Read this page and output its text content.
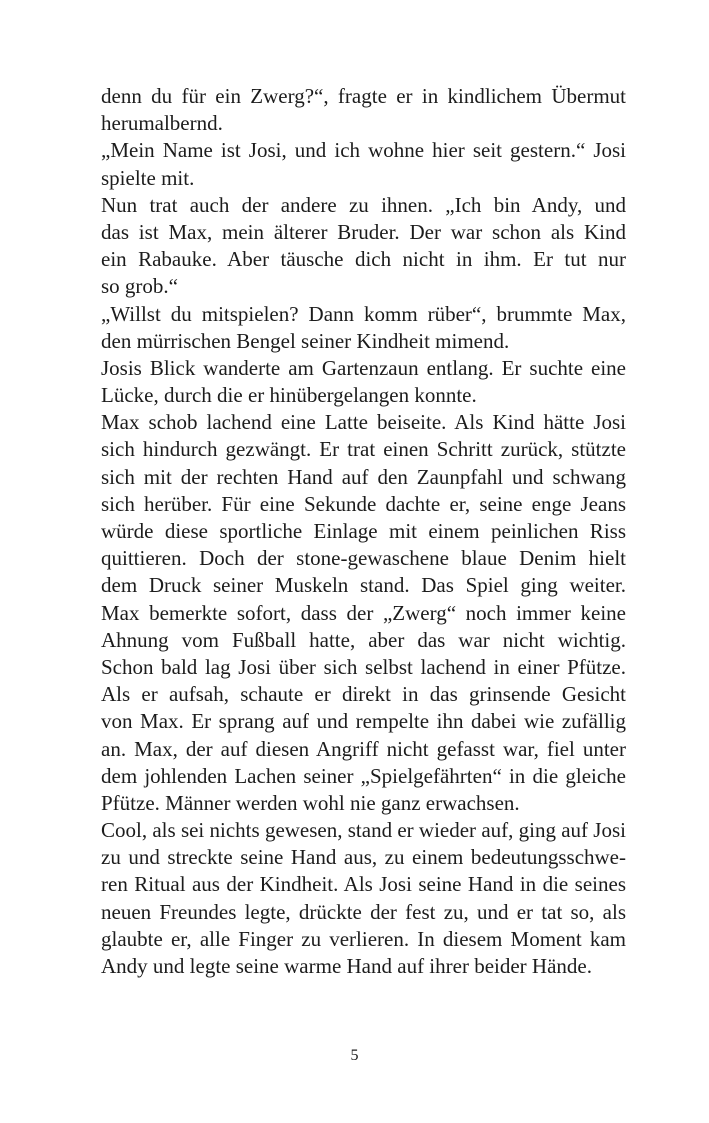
denn du für ein Zwerg?“, fragte er in kindlichem Übermut
herumalbernd.
„Mein Name ist Josi, und ich wohne hier seit gestern.“ Josi
spielte mit.
Nun trat auch der andere zu ihnen. „Ich bin Andy, und
das ist Max, mein älterer Bruder. Der war schon als Kind
ein Rabauke. Aber täusche dich nicht in ihm. Er tut nur
so grob.“
„Willst du mitspielen? Dann komm rüber“, brummte Max,
den mürrischen Bengel seiner Kindheit mimend.
Josis Blick wanderte am Gartenzaun entlang. Er suchte eine
Lücke, durch die er hinübergelangen konnte.
Max schob lachend eine Latte beiseite. Als Kind hätte Josi
sich hindurch gezwängt. Er trat einen Schritt zurück, stützte
sich mit der rechten Hand auf den Zaunpfahl und schwang
sich herüber. Für eine Sekunde dachte er, seine enge Jeans
würde diese sportliche Einlage mit einem peinlichen Riss
quittieren. Doch der stone-gewaschene blaue Denim hielt
dem Druck seiner Muskeln stand. Das Spiel ging weiter.
Max bemerkte sofort, dass der „Zwerg“ noch immer keine
Ahnung vom Fußball hatte, aber das war nicht wichtig.
Schon bald lag Josi über sich selbst lachend in einer Pfütze.
Als er aufsah, schaute er direkt in das grinsende Gesicht
von Max. Er sprang auf und rempelte ihn dabei wie zufällig
an. Max, der auf diesen Angriff nicht gefasst war, fiel unter
dem johlenden Lachen seiner „Spielgefährten“ in die gleiche
Pfütze. Männer werden wohl nie ganz erwachsen.
Cool, als sei nichts gewesen, stand er wieder auf, ging auf Josi
zu und streckte seine Hand aus, zu einem bedeutungsschwe-
ren Ritual aus der Kindheit. Als Josi seine Hand in die seines
neuen Freundes legte, drückte der fest zu, und er tat so, als
glaubte er, alle Finger zu verlieren. In diesem Moment kam
Andy und legte seine warme Hand auf ihrer beider Hände.
5
